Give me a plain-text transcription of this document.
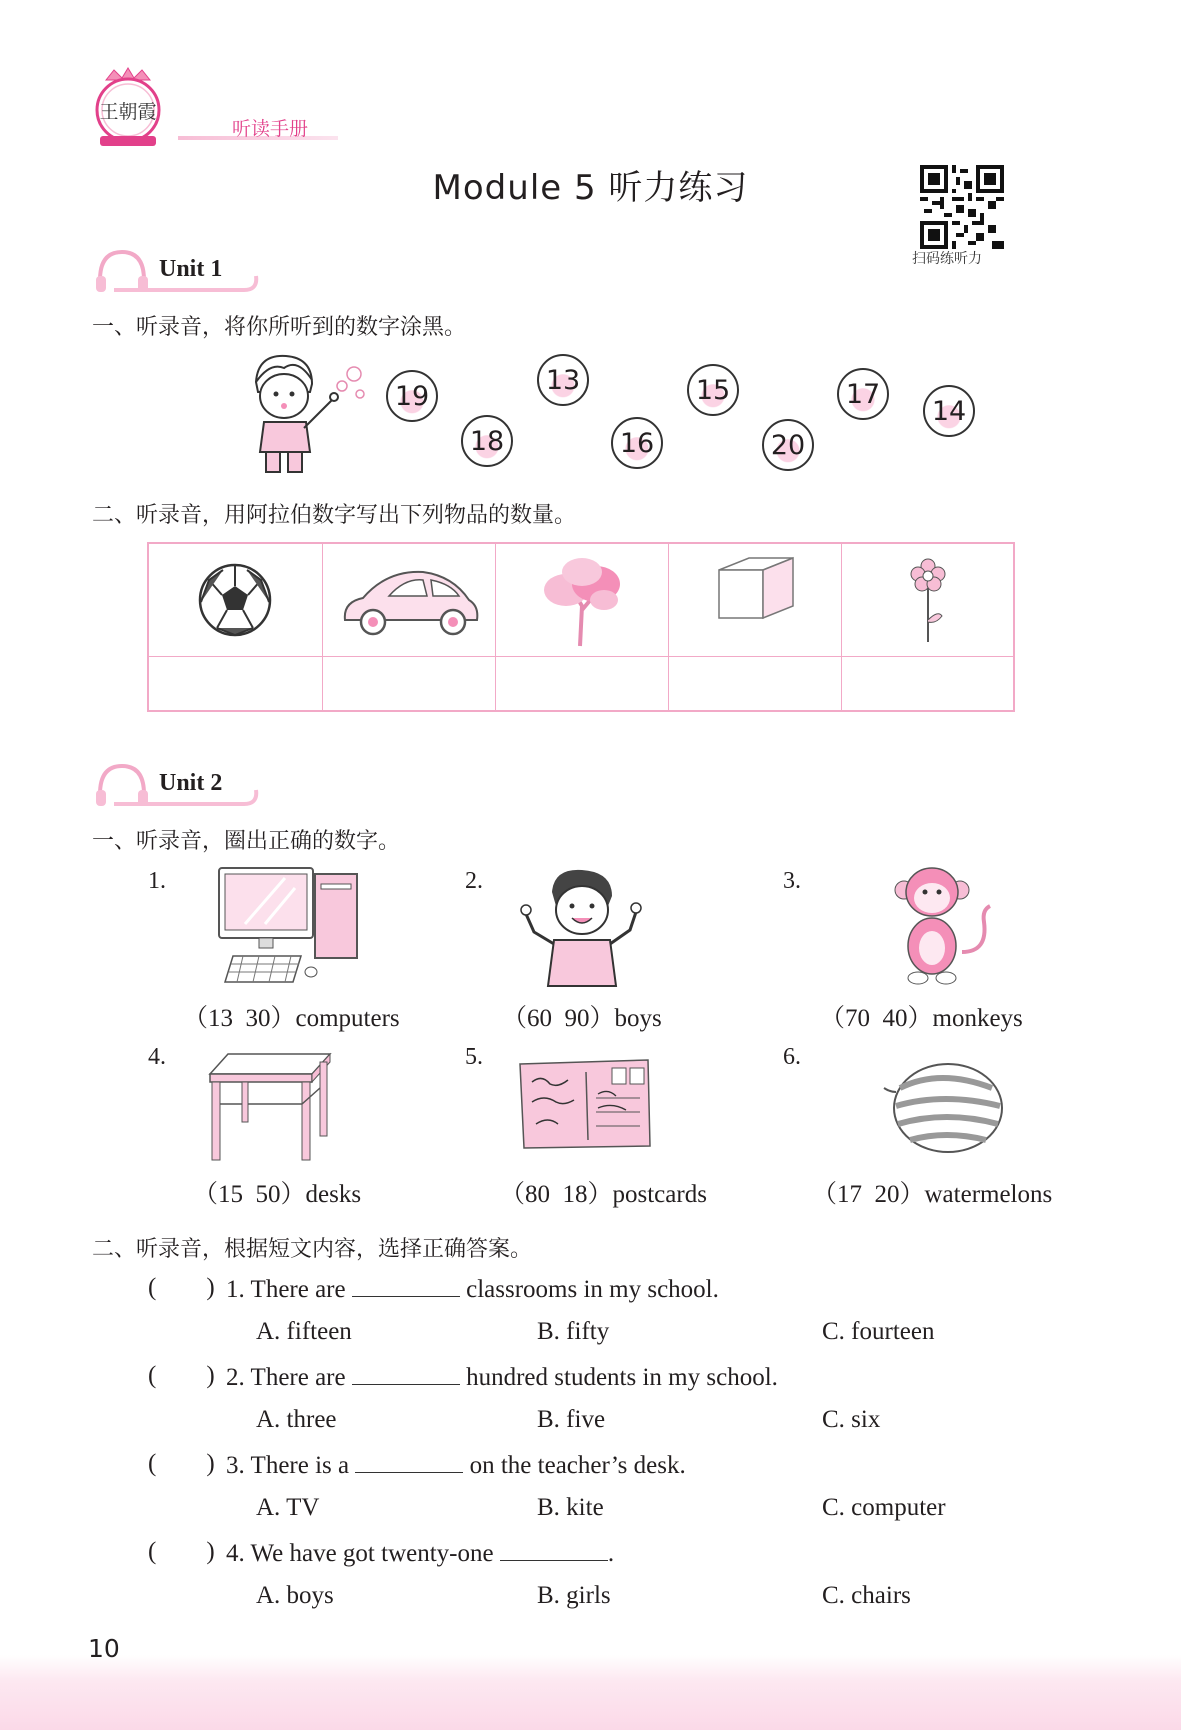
王朝霞
听读手册
Module 5 听力练习
扫码练听力
Unit 1
一、听录音，将你所听到的数字涂黑。
19
18
13
16
15
20
17
14
二、听录音，用阿拉伯数字写出下列物品的数量。
Unit 2
一、听录音，圈出正确的数字。
1.
（13  30）computers
2.
（60  90）boys
3.
（70  40）monkeys
4.
（15  50）desks
5.
（80  18）postcards
6.
（17  20）watermelons
二、听录音，根据短文内容，选择正确答案。
(        ) 1. There are	classrooms in my school.
A. fifteen	B. fifty	C. fourteen
(        ) 2. There are	hundred students in my school.
A. three	B. five	C. six
(        ) 3. There is a	on the teacher’s desk.
A. TV	B. kite	C. computer
(        ) 4. We have got twenty-one	.
A. boys	B. girls	C. chairs
10
